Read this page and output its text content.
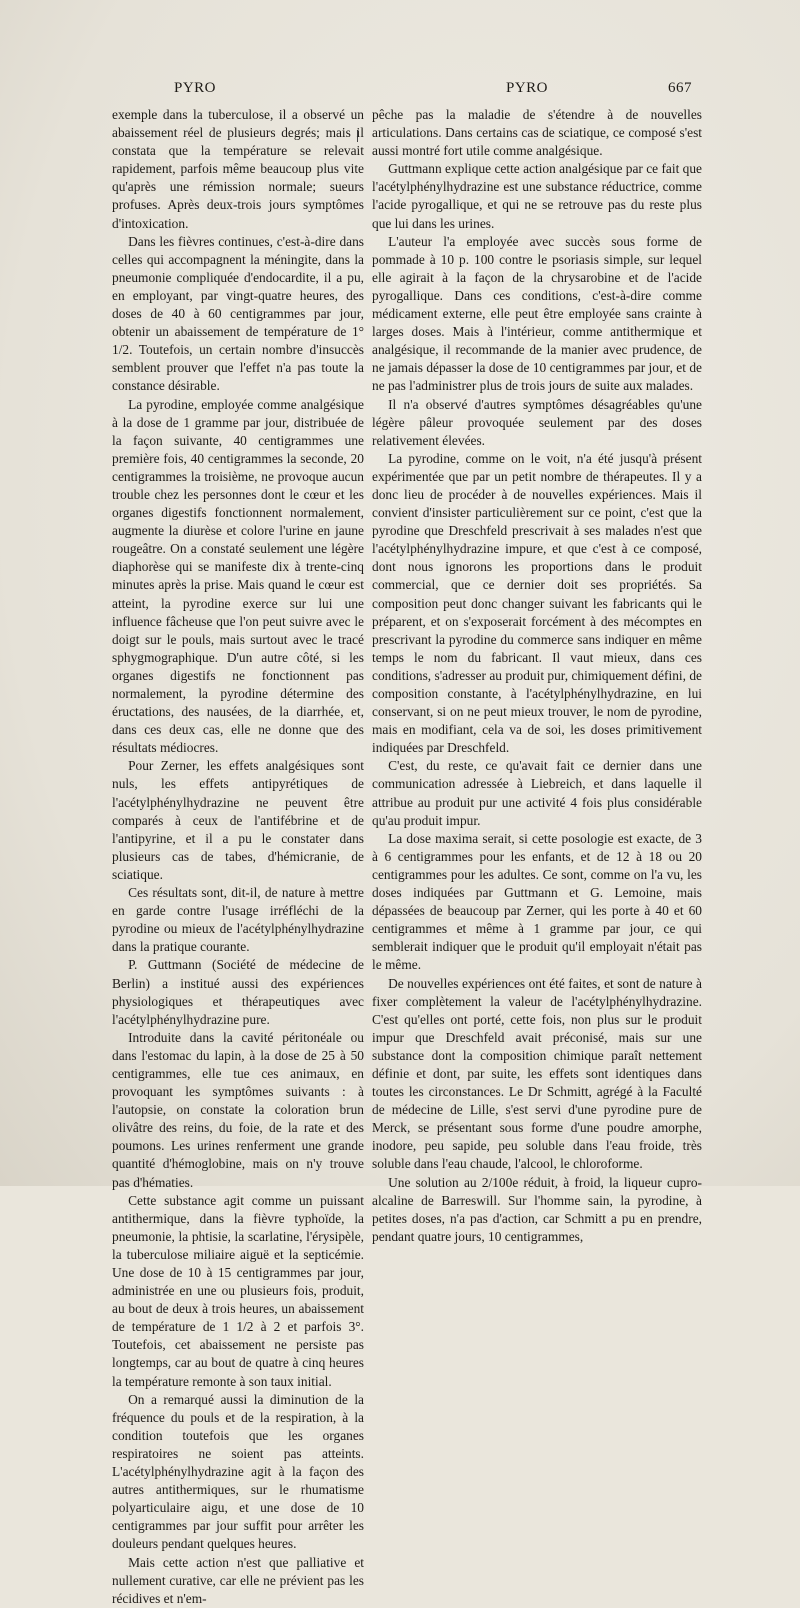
PYRO	PYRO	667

exemple dans la tuberculose, il a observé un abaissement réel de plusieurs degrés; mais il constata que la température se relevait rapidement, parfois même beaucoup plus vite qu'après une rémission normale; sueurs profuses. Après deux-trois jours symptômes d'intoxication.

Dans les fièvres continues, c'est-à-dire dans celles qui accompagnent la méningite, dans la pneumonie compliquée d'endocardite, il a pu, en employant, par vingt-quatre heures, des doses de 40 à 60 centigrammes par jour, obtenir un abaissement de température de 1° 1/2. Toutefois, un certain nombre d'insuccès semblent prouver que l'effet n'a pas toute la constance désirable.

La pyrodine, employée comme analgésique à la dose de 1 gramme par jour, distribuée de la façon suivante, 40 centigrammes une première fois, 40 centigrammes la seconde, 20 centigrammes la troisième, ne provoque aucun trouble chez les personnes dont le cœur et les organes digestifs fonctionnent normalement, augmente la diurèse et colore l'urine en jaune rougeâtre. On a constaté seulement une légère diaphorèse qui se manifeste dix à trente-cinq minutes après la prise. Mais quand le cœur est atteint, la pyrodine exerce sur lui une influence fâcheuse que l'on peut suivre avec le doigt sur le pouls, mais surtout avec le tracé sphygmographique. D'un autre côté, si les organes digestifs ne fonctionnent pas normalement, la pyrodine détermine des éructations, des nausées, de la diarrhée, et, dans ces deux cas, elle ne donne que des résultats médiocres.

Pour Zerner, les effets analgésiques sont nuls, les effets antipyrétiques de l'acétylphénylhydrazine ne peuvent être comparés à ceux de l'antifébrine et de l'antipyrine, et il a pu le constater dans plusieurs cas de tabes, d'hémicranie, de sciatique.

Ces résultats sont, dit-il, de nature à mettre en garde contre l'usage irréfléchi de la pyrodine ou mieux de l'acétylphénylhydrazine dans la pratique courante.

P. Guttmann (Société de médecine de Berlin) a institué aussi des expériences physiologiques et thérapeutiques avec l'acétylphénylhydrazine pure.

Introduite dans la cavité péritonéale ou dans l'estomac du lapin, à la dose de 25 à 50 centigrammes, elle tue ces animaux, en provoquant les symptômes suivants : à l'autopsie, on constate la coloration brun olivâtre des reins, du foie, de la rate et des poumons. Les urines renferment une grande quantité d'hémoglobine, mais on n'y trouve pas d'hématies.

Cette substance agit comme un puissant antithermique, dans la fièvre typhoïde, la pneumonie, la phtisie, la scarlatine, l'érysipèle, la tuberculose miliaire aiguë et la septicémie. Une dose de 10 à 15 centigrammes par jour, administrée en une ou plusieurs fois, produit, au bout de deux à trois heures, un abaissement de température de 1 1/2 à 2 et parfois 3°. Toutefois, cet abaissement ne persiste pas longtemps, car au bout de quatre à cinq heures la température remonte à son taux initial.

On a remarqué aussi la diminution de la fréquence du pouls et de la respiration, à la condition toutefois que les organes respiratoires ne soient pas atteints. L'acétylphénylhydrazine agit à la façon des autres antithermiques, sur le rhumatisme polyarticulaire aigu, et une dose de 10 centigrammes par jour suffit pour arrêter les douleurs pendant quelques heures.

Mais cette action n'est que palliative et nullement curative, car elle ne prévient pas les récidives et n'em-

pêche pas la maladie de s'étendre à de nouvelles articulations. Dans certains cas de sciatique, ce composé s'est aussi montré fort utile comme analgésique.

Guttmann explique cette action analgésique par ce fait que l'acétylphénylhydrazine est une substance réductrice, comme l'acide pyrogallique, et qui ne se retrouve pas du reste plus que lui dans les urines.

L'auteur l'a employée avec succès sous forme de pommade à 10 p. 100 contre le psoriasis simple, sur lequel elle agirait à la façon de la chrysarobine et de l'acide pyrogallique. Dans ces conditions, c'est-à-dire comme médicament externe, elle peut être employée sans crainte à larges doses. Mais à l'intérieur, comme antithermique et analgésique, il recommande de la manier avec prudence, de ne jamais dépasser la dose de 10 centigrammes par jour, et de ne pas l'administrer plus de trois jours de suite aux malades.

Il n'a observé d'autres symptômes désagréables qu'une légère pâleur provoquée seulement par des doses relativement élevées.

La pyrodine, comme on le voit, n'a été jusqu'à présent expérimentée que par un petit nombre de thérapeutes. Il y a donc lieu de procéder à de nouvelles expériences. Mais il convient d'insister particulièrement sur ce point, c'est que la pyrodine que Dreschfeld prescrivait à ses malades n'est que l'acétylphénylhydrazine impure, et que c'est à ce composé, dont nous ignorons les proportions dans le produit commercial, que ce dernier doit ses propriétés. Sa composition peut donc changer suivant les fabricants qui le préparent, et on s'exposerait forcément à des mécomptes en prescrivant la pyrodine du commerce sans indiquer en même temps le nom du fabricant. Il vaut mieux, dans ces conditions, s'adresser au produit pur, chimiquement défini, de composition constante, à l'acétylphénylhydrazine, en lui conservant, si on ne peut mieux trouver, le nom de pyrodine, mais en modifiant, cela va de soi, les doses primitivement indiquées par Dreschfeld.

C'est, du reste, ce qu'avait fait ce dernier dans une communication adressée à Liebreich, et dans laquelle il attribue au produit pur une activité 4 fois plus considérable qu'au produit impur.

La dose maxima serait, si cette posologie est exacte, de 3 à 6 centigrammes pour les enfants, et de 12 à 18 ou 20 centigrammes pour les adultes. Ce sont, comme on l'a vu, les doses indiquées par Guttmann et G. Lemoine, mais dépassées de beaucoup par Zerner, qui les porte à 40 et 60 centigrammes et même à 1 gramme par jour, ce qui semblerait indiquer que le produit qu'il employait n'était pas le même.

De nouvelles expériences ont été faites, et sont de nature à fixer complètement la valeur de l'acétylphénylhydrazine. C'est qu'elles ont porté, cette fois, non plus sur le produit impur que Dreschfeld avait préconisé, mais sur une substance dont la composition chimique paraît nettement définie et dont, par suite, les effets sont identiques dans toutes les circonstances. Le Dr Schmitt, agrégé à la Faculté de médecine de Lille, s'est servi d'une pyrodine pure de Merck, se présentant sous forme d'une poudre amorphe, inodore, peu sapide, peu soluble dans l'eau froide, très soluble dans l'eau chaude, l'alcool, le chloroforme.

Une solution au 2/100e réduit, à froid, la liqueur cupro-alcaline de Barreswill. Sur l'homme sain, la pyrodine, à petites doses, n'a pas d'action, car Schmitt a pu en prendre, pendant quatre jours, 10 centigrammes,
